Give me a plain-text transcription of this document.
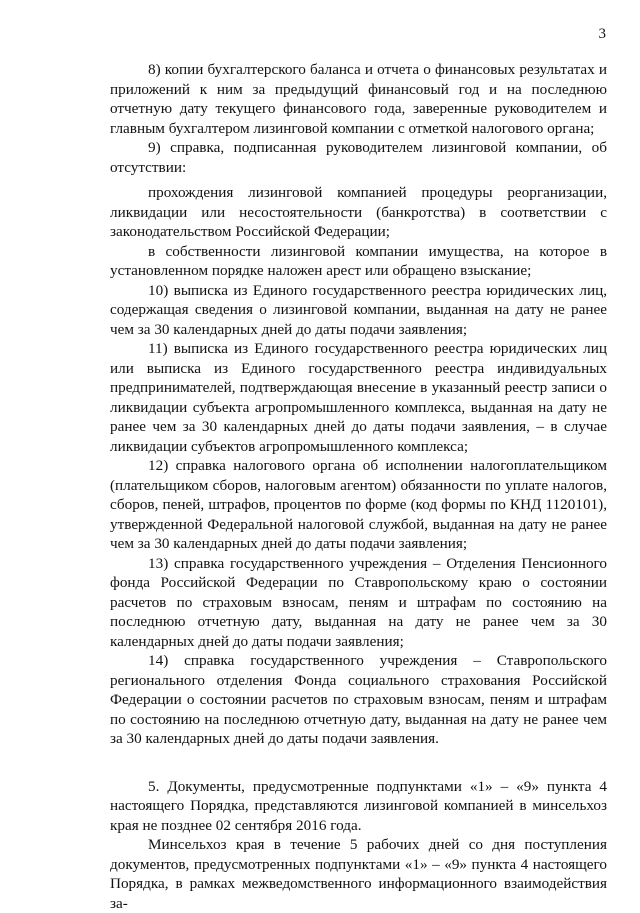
3

8) копии бухгалтерского баланса и отчета о финансовых результатах и приложений к ним за предыдущий финансовый год и на последнюю отчетную дату текущего финансового года, заверенные руководителем и главным бухгалтером лизинговой компании с отметкой налогового органа;

9) справка, подписанная руководителем лизинговой компании, об отсутствии:

прохождения лизинговой компанией процедуры реорганизации, ликвидации или несостоятельности (банкротства) в соответствии с законодательством Российской Федерации;

в собственности лизинговой компании имущества, на которое в установленном порядке наложен арест или обращено взыскание;

10) выписка из Единого государственного реестра юридических лиц, содержащая сведения о лизинговой компании, выданная на дату не ранее чем за 30 календарных дней до даты подачи заявления;

11) выписка из Единого государственного реестра юридических лиц или выписка из Единого государственного реестра индивидуальных предпринимателей, подтверждающая внесение в указанный реестр записи о ликвидации субъекта агропромышленного комплекса, выданная на дату не ранее чем за 30 календарных дней до даты подачи заявления, – в случае ликвидации субъектов агропромышленного комплекса;

12) справка налогового органа об исполнении налогоплательщиком (плательщиком сборов, налоговым агентом) обязанности по уплате налогов, сборов, пеней, штрафов, процентов по форме (код формы по КНД 1120101), утвержденной Федеральной налоговой службой, выданная на дату не ранее чем за 30 календарных дней до даты подачи заявления;

13) справка государственного учреждения – Отделения Пенсионного фонда Российской Федерации по Ставропольскому краю о состоянии расчетов по страховым взносам, пеням и штрафам по состоянию на последнюю отчетную дату, выданная на дату не ранее чем за 30 календарных дней до даты подачи заявления;

14) справка государственного учреждения – Ставропольского регионального отделения Фонда социального страхования Российской Федерации о состоянии расчетов по страховым взносам, пеням и штрафам по состоянию на последнюю отчетную дату, выданная на дату не ранее чем за 30 календарных дней до даты подачи заявления.

5. Документы, предусмотренные подпунктами «1» – «9» пункта 4 настоящего Порядка, представляются лизинговой компанией в минсельхоз края не позднее 02 сентября 2016 года.

Минсельхоз края в течение 5 рабочих дней со дня поступления документов, предусмотренных подпунктами «1» – «9» пункта 4 настоящего Порядка, в рамках межведомственного информационного взаимодействия за-
